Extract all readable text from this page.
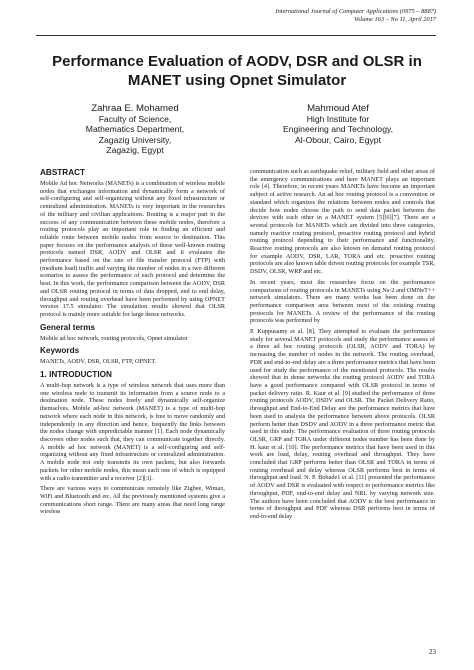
International Journal of Computer Applications (0975 – 8887)
Volume 163 – No 11, April 2017
Performance Evaluation of AODV, DSR and OLSR in
MANET using Opnet Simulator
Zahraa E. Mohamed
Faculty of Science,
Mathematics Department,
Zagazig University,
Zagazig, Egypt
Mahmoud Atef
High Institute for
Engineering and Technology,
Al-Obour, Cairo, Egypt
ABSTRACT

Mobile Ad hoc Networks (MANETs) is a combination of wireless mobile nodes that exchanges information and dynamically form a network of self-configuring and self-organizing without any fixed infrastructure or centralized administration. MANETs is very important in the researches of the military and civilian applications. Routing is a major part in the success of any communication between these mobile nodes, therefore a routing protocols play an important role in finding an efficient and reliable route between mobile nodes from source to destination. This paper focuses on the performance analysis of these well-known routing protocols named DSR, AODV and OLSR and it evaluates the performance based on the rate of file transfer protocol (FTP) with (medium load) traffic and varying the number of nodes in a two different scenarios to assess the performance of each protocol and determine the best. In this work, the performance comparison between the AODV, DSR and OLSR routing protocol in terms of data dropped, end to end delay, throughput and routing overhead have been performed by using OPNET version 17.5 simulator. The simulation results showed that OLSR protocol is mainly more suitable for large dense networks.

General terms

Mobile ad hoc network, routing protocols, Opnet simulator

Keywords

MANETs, AODV, DSR, OLSR, FTP, OPNET.

1. INTRODUCTION

A multi-hop network is a type of wireless network that uses more than one wireless node to transmit its information from a source node to a destination node. These nodes freely and dynamically self-organize themselves. Mobile ad-hoc network (MANET) is a type of multi-hop network where each node in this network, is free to move randomly and independently in any direction and hence, frequently the links between the nodes change with unpredictable manner [1]. Each node dynamically discovers other nodes such that, they can communicate together directly. A mobile ad hoc network (MANET) is a self-configuring and self-organizing without any fixed infrastructure or centralized administration. A mobile node not only transmits its own packets, but also forwards packets for other mobile nodes, this mean each one of which is equipped with a radio transmitter and a receiver [2][3].

There are various ways to communicate remotely like Zigbee, Wimax, WiFi and Bluetooth and etc. All the previously mentioned systems give a communications short range. There are many areas that need long range wireless

communication such as earthquake relief, military field and other areas of the emergency communications and here MANET plays an important role [4]. Therefore, in recent years MANETs have become an important subject of active research. An ad hoc routing protocol is a convention or standard which organizes the relations between nodes and controls that decide how nodes choose the path to send data packet between the devices with each other in a MANET system [5][6][7]. There are a several protocols for MANETs which are divided into three categories, namely reactive routing protocol, proactive routing protocol and hybrid routing protocol depending to their performance and functionality. Reactive routing protocols are also known on demand routing protocol for example AODV, DSR, LAR, TORA and etc. proactive routing protocols are also known table driven routing protocols for example TSR, DSDV, OLSR, WRP and etc.

In recent years, most the researches focus on the performance comparisons of routing protocols in MANETs using Ns-2 and OMNeT++ network simulators. There are many works has been done on the performance comparison area between most of the existing routing protocols for MANETs. A review of the performance of the routing protocols was performed by

P. Kuppusamy et al. [8]. They attempted to evaluate the performance study for several MANET protocols and study the performance assess of a three ad hoc routing protocols (OLSR, AODV and TORA) by increasing the number of nodes in the network. The routing overhead, PDR and end-to-end delay are a three performance metrics that have been used for study the performance of the mentioned protocols. The results showed that in dense networks the routing protocol AODV and TORA have a good performance compared with OLSR protocol in terms of packet delivery ratio. R. Kaur et al. [9] studied the performance of three routing protocols AODV, DSDV and OLSR. The Packet Delivery Ratio, throughput and End-to-End Delay are the performance metrics that have been used to analysis the performance between above protocols. OLSR perform better than DSDV and AODV in a three performance metric that used in this study. The performance evaluation of three routing protocols OLSR, GRP and TORA under different nodes number has been done by H. kaur et al. [10]. The performance metrics that have been used in this work are load, delay, routing overhead and throughput. They have concluded that GRP performs better than OLSR and TORA in terms of routing overhead and delay whereas OLSR performs best in terms of throughput and load. N. P. Bobade1 et al. [11] presented the performance of AODV and DSR is evaluated with respect to performance metrics like throughput, PDF, end-to-end delay and NRL by varying network size. The authors have been concluded that AODV is the best performance in terms of throughput and PDF whereas DSR performs best in terms of end-to-end delay

23
